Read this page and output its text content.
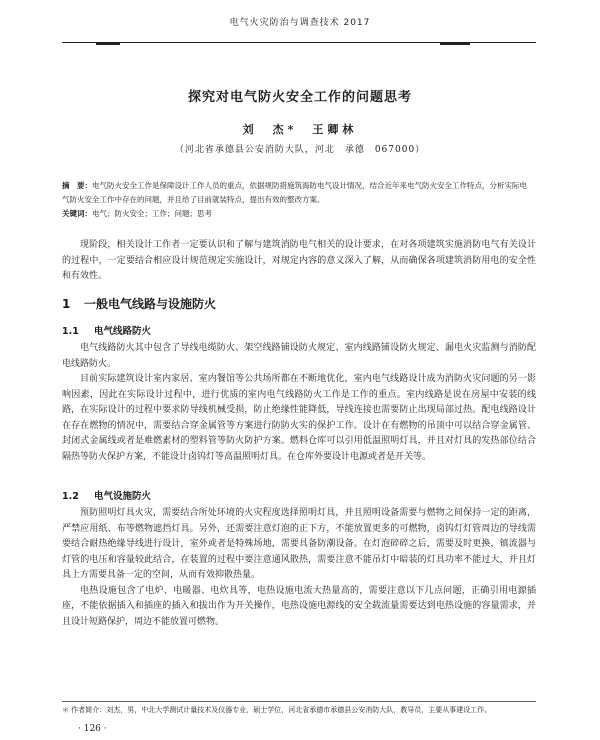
电气火灾防治与调查技术 2017
探究对电气防火安全工作的问题思考
刘　杰*　王卿林
（河北省承德县公安消防大队，河北　承德　067000）
摘　要：电气防火安全工作是保障设计工作人员的重点，依据规防措施筑海防电气设计情况，结合近年来电气防火安全工作特点，分析实际电气防火安全工作中存在的问题，并且给了目前就装特点，提出有效的整改方案。
关键词：电气；防火安全；工作；问题；思考

现阶段，相关设计工作者一定要认识和了解与建筑消防电气相关的设计要求，在对各项建筑实施消防电气有关设计的过程中，一定要结合相应设计规范规定实施设计，对规定内容的意义深入了解，从而确保各项建筑消防用电的安全性和有效性。

1 一般电气线路与设施防火
1.1 电气线路防火

电气线路防火其中包含了导线电缆防火、架空线路铺设防火规定、室内线路铺设防火规定、漏电火灾监测与消防配电线路防火。

目前实际建筑设计室内家居、室内餐馆等公共场所都在不断地优化，室内电气线路设计成为消防火灾问题的另一影响因素，因此在实际设计过程中，进行优质的室内电气线路防火工作是工作的重点。室内线路是说在房屋中安装的线路，在实际设计的过程中要求防导线机械受损，防止绝缘性能降低，导线连接也需要防止出现局部过热。配电线路设计在存在燃物的情况中，需要结合穿金属管等方案进行防防火实的保护工作。设计在有燃物的吊顶中可以结合穿金属管、封闭式金属线或者是难燃素材的塑料管等防火防护方案。燃料仓库可以引用低温照明灯具，并且对灯具的发热部位结合隔热等防火保护方案，不能设计卤钨灯等高温照明灯具。在仓库外要设计电源或者是开关等。

1.2 电气设施防火

预防照明灯具火灾，需要结合所处环境的火灾程度选择照明灯具，并且照明设备需要与燃物之间保持一定的距离，严禁应用纸、布等燃物遮挡灯具。另外，还需要注意灯泡的正下方，不能放置更多的可燃物，卤钨灯灯管周边的导线需要结合耐热绝缘导线进行设计，室外或者是特殊场地，需要具备防潮设备。在灯泡碎碎之后，需要及时更换，镇流器与灯管的电压和容量较此结合，在装置的过程中要注意通风散热，需要注意不能吊灯中暗装的灯具功率不能过大，并且灯具上方需要具备一定的空间，从而有效抑散热量。

电热设施包含了电炉、电暖器、电炊具等，电热设施电流大热量高的，需要注意以下几点问题，正确引用电源插座，不能依据插入和插座的插入和拔出作为开关操作，电热设施电源线的安全载流量需要达到电热设施的容量需求，并且设计短路保护，周边不能放置可燃物。

＊ 作者简介：刘杰，男，中北大学测试计量技术及仪器专业，硕士学位，河北省承德市承德县公安消防大队，教导员，主要从事建设工作。
· 126 ·
